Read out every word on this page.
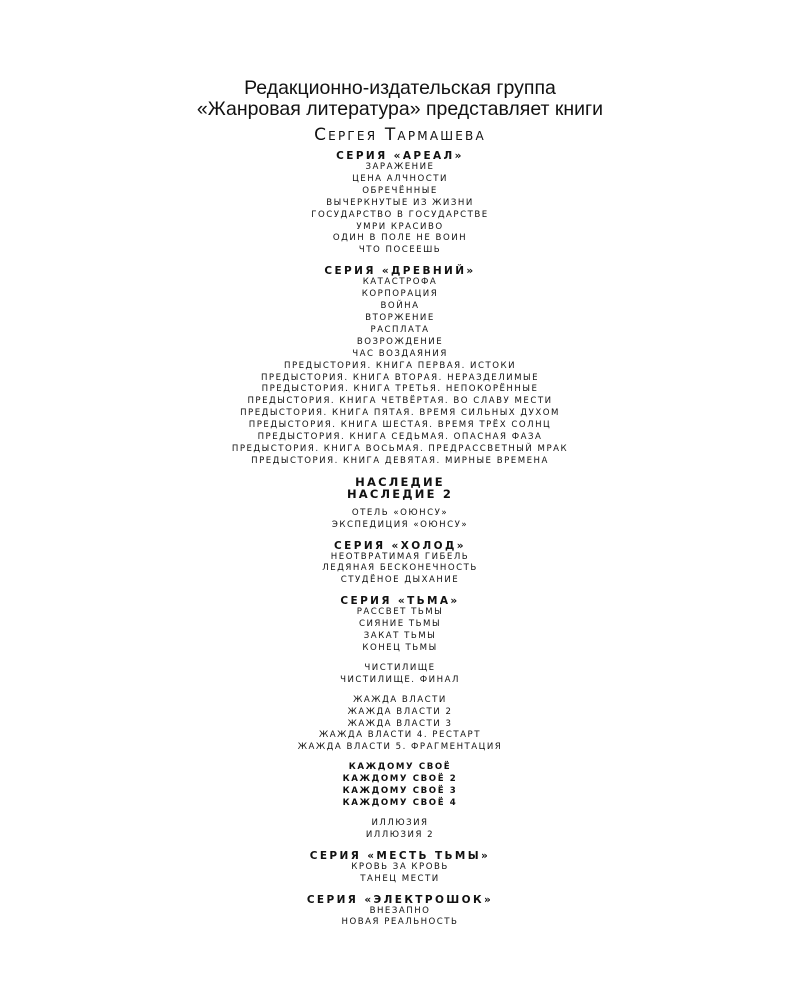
Редакционно-издательская группа
«Жанровая литература» представляет книги
Сергея Тармашева
СЕРИЯ «АРЕАЛ»
ЗАРАЖЕНИЕ
ЦЕНА АЛЧНОСТИ
ОБРЕЧЁННЫЕ
ВЫЧЕРКНУТЫЕ ИЗ ЖИЗНИ
ГОСУДАРСТВО В ГОСУДАРСТВЕ
УМРИ КРАСИВО
ОДИН В ПОЛЕ НЕ ВОИН
ЧТО ПОСЕЕШЬ
СЕРИЯ «ДРЕВНИЙ»
КАТАСТРОФА
КОРПОРАЦИЯ
ВОЙНА
ВТОРЖЕНИЕ
РАСПЛАТА
ВОЗРОЖДЕНИЕ
ЧАС ВОЗДАЯНИЯ
ПРЕДЫСТОРИЯ. КНИГА ПЕРВАЯ. ИСТОКИ
ПРЕДЫСТОРИЯ. КНИГА ВТОРАЯ. НЕРАЗДЕЛИМЫЕ
ПРЕДЫСТОРИЯ. КНИГА ТРЕТЬЯ. НЕПОКОРЁННЫЕ
ПРЕДЫСТОРИЯ. КНИГА ЧЕТВЁРТАЯ. ВО СЛАВУ МЕСТИ
ПРЕДЫСТОРИЯ. КНИГА ПЯТАЯ. ВРЕМЯ СИЛЬНЫХ ДУХОМ
ПРЕДЫСТОРИЯ. КНИГА ШЕСТАЯ. ВРЕМЯ ТРЁХ СОЛНЦ
ПРЕДЫСТОРИЯ. КНИГА СЕДЬМАЯ. ОПАСНАЯ ФАЗА
ПРЕДЫСТОРИЯ. КНИГА ВОСЬМАЯ. ПРЕДРАССВЕТНЫЙ МРАК
ПРЕДЫСТОРИЯ. КНИГА ДЕВЯТАЯ. МИРНЫЕ ВРЕМЕНА
НАСЛЕДИЕ
НАСЛЕДИЕ 2
ОТЕЛЬ «ОЮНСУ»
ЭКСПЕДИЦИЯ «ОЮНСУ»
СЕРИЯ «ХОЛОД»
НЕОТВРАТИМАЯ ГИБЕЛЬ
ЛЕДЯНАЯ БЕСКОНЕЧНОСТЬ
СТУДЁНОЕ ДЫХАНИЕ
СЕРИЯ «ТЬМА»
РАССВЕТ ТЬМЫ
СИЯНИЕ ТЬМЫ
ЗАКАТ ТЬМЫ
КОНЕЦ ТЬМЫ
ЧИСТИЛИЩЕ
ЧИСТИЛИЩЕ. ФИНАЛ
ЖАЖДА ВЛАСТИ
ЖАЖДА ВЛАСТИ 2
ЖАЖДА ВЛАСТИ 3
ЖАЖДА ВЛАСТИ 4. РЕСТАРТ
ЖАЖДА ВЛАСТИ 5. ФРАГМЕНТАЦИЯ
КАЖДОМУ СВОЁ
КАЖДОМУ СВОЁ 2
КАЖДОМУ СВОЁ 3
КАЖДОМУ СВОЁ 4
ИЛЛЮЗИЯ
ИЛЛЮЗИЯ 2
СЕРИЯ «МЕСТЬ ТЬМЫ»
КРОВЬ ЗА КРОВЬ
ТАНЕЦ МЕСТИ
СЕРИЯ «ЭЛЕКТРОШОК»
ВНЕЗАПНО
НОВАЯ РЕАЛЬНОСТЬ
